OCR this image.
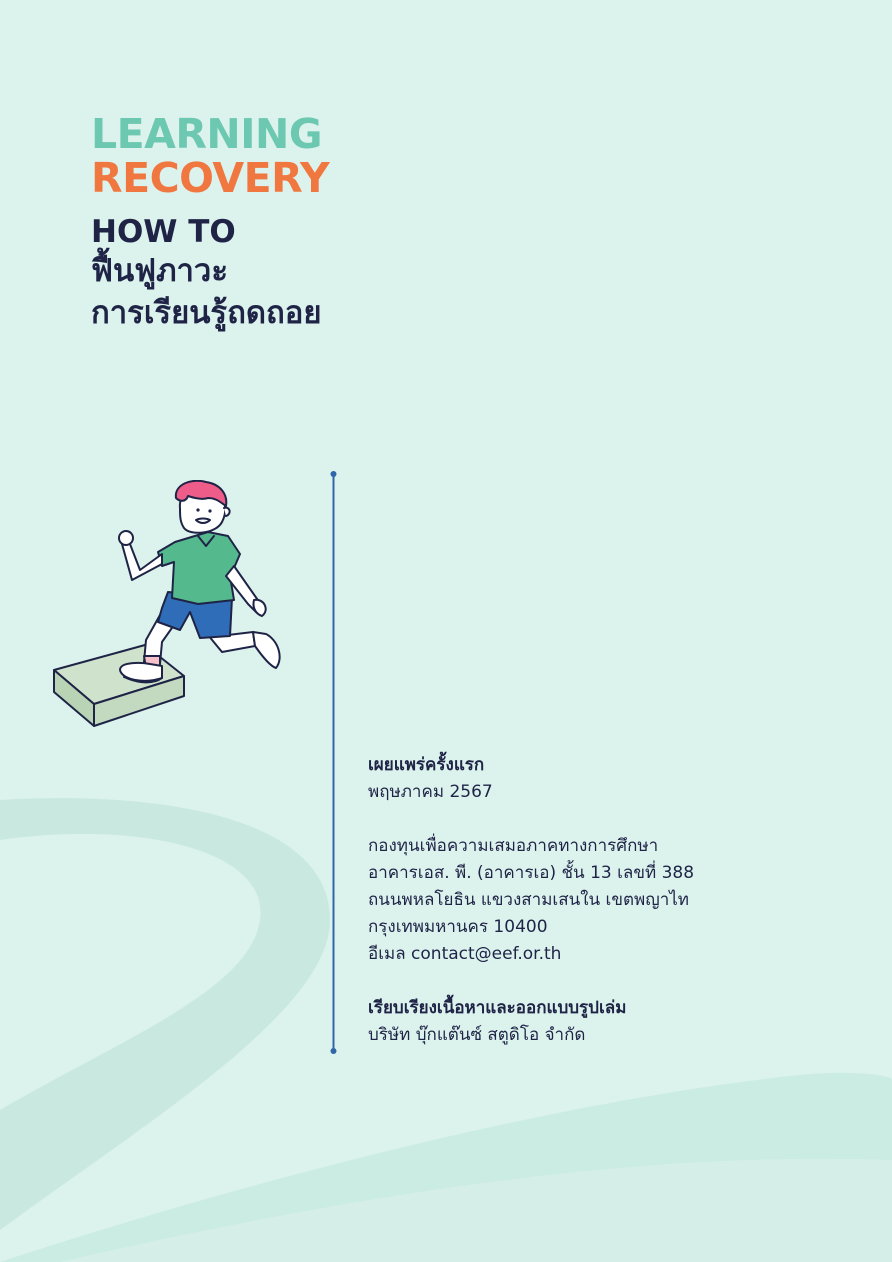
LEARNING
RECOVERY
HOW TO
ฟื้นฟูภาวะ
การเรียนรู้ถดถอย
เผยแพร่ครั้งแรก
พฤษภาคม 2567
กองทุนเพื่อความเสมอภาคทางการศึกษา
อาคารเอส. พี. (อาคารเอ) ชั้น 13 เลขที่ 388
ถนนพหลโยธิน แขวงสามเสนใน เขตพญาไท
กรุงเทพมหานคร 10400
อีเมล contact@eef.or.th
เรียบเรียงเนื้อหาและออกแบบรูปเล่ม
บริษัท บุ๊กแต๊นซ์ สตูดิโอ จำกัด
